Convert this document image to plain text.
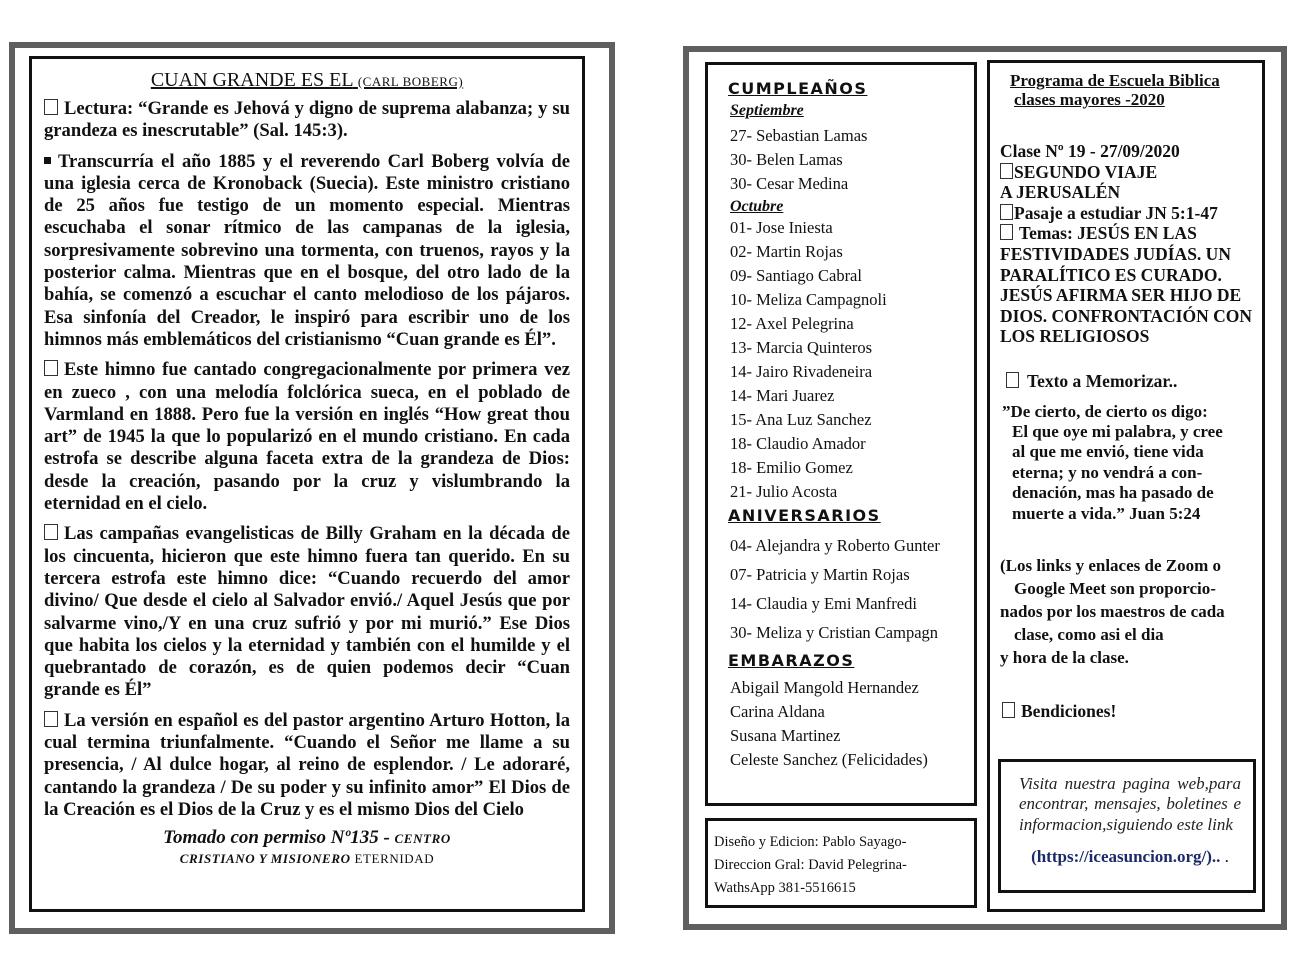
CUAN GRANDE ES EL (CARL BOBERG)

Lectura: “Grande es Jehová y digno de suprema alabanza; y su grandeza es inescrutable” (Sal. 145:3).

Transcurría el año 1885 y el reverendo Carl Boberg volvía de una iglesia cerca de Kronoback (Suecia). Este ministro cristiano de 25 años fue testigo de un momento especial. Mientras escuchaba el sonar rítmico de las campanas de la iglesia, sorpresivamente sobrevino una tormenta, con truenos, rayos y la posterior calma. Mientras que en el bosque, del otro lado de la bahía, se comenzó a escuchar el canto melodioso de los pájaros. Esa sinfonía del Creador, le inspiró para escribir uno de los himnos más emblemáticos del cristianismo “Cuan grande es Él”.

Este himno fue cantado congregacionalmente por primera vez en zueco , con una melodía folclórica sueca, en el poblado de Varmland en 1888. Pero fue la versión en inglés “How great thou art” de 1945 la que lo popularizó en el mundo cristiano. En cada estrofa se describe alguna faceta extra de la grandeza de Dios: desde la creación, pasando por la cruz y vislumbrando la eternidad en el cielo.

Las campañas evangelisticas de Billy Graham en la década de los cincuenta, hicieron que este himno fuera tan querido. En su tercera estrofa este himno dice: “Cuando recuerdo del amor divino/ Que desde el cielo al Salvador envió./ Aquel Jesús que por salvarme vino,/Y en una cruz sufrió y por mi murió.” Ese Dios que habita los cielos y la eternidad y también con el humilde y el quebrantado de corazón, es de quien podemos decir “Cuan grande es Él”

La versión en español es del pastor argentino Arturo Hotton, la cual termina triunfalmente. “Cuando el Señor me llame a su presencia, / Al dulce hogar, al reino de esplendor. / Le adoraré, cantando la grandeza / De su poder y su infinito amor” El Dios de la Creación es el Dios de la Cruz y es el mismo Dios del Cielo

Tomado con permiso Nº135 - CENTRO
CRISTIANO Y MISIONERO ETERNIDAD
CUMPLEAÑOS
Septiembre
27- Sebastian Lamas
30- Belen Lamas
30- Cesar Medina
Octubre
01- Jose Iniesta
02- Martin Rojas
09- Santiago Cabral
10- Meliza Campagnoli
12- Axel Pelegrina
13- Marcia Quinteros
14- Jairo Rivadeneira
14- Mari Juarez
15- Ana Luz Sanchez
18- Claudio Amador
18- Emilio Gomez
21- Julio Acosta
ANIVERSARIOS
04- Alejandra y Roberto Gunter
07- Patricia y Martin Rojas
14- Claudia y Emi Manfredi
30- Meliza y Cristian Campagn
EMBARAZOS
Abigail Mangold Hernandez
Carina Aldana
Susana Martinez
Celeste Sanchez (Felicidades)
Diseño y Edicion: Pablo Sayago-
Direccion Gral: David Pelegrina-
WathsApp 381-5516615
Programa de Escuela Biblica
clases mayores -2020

Clase Nº 19 - 27/09/2020

SEGUNDO VIAJE

A JERUSALÉN

Pasaje a estudiar JN 5:1-47

Temas: JESÚS EN LAS FESTIVIDADES JUDÍAS. UN PARALÍTICO ES CURADO. JESÚS AFIRMA SER HIJO DE DIOS. CONFRONTACIÓN CON LOS RELIGIOSOS

Texto a Memorizar..

”De cierto, de cierto os digo:
El que oye mi palabra, y cree
al que me envió, tiene vida
eterna; y no vendrá a con-
denación, mas ha pasado de
muerte a vida.” Juan 5:24
(Los links y enlaces de Zoom o
Google Meet son proporcio-
nados por los maestros de cada
clase, como asi el dia
y hora de la clase.

Bendiciones!

Visita nuestra pagina web,para encontrar, mensajes, boletines e informacion,siguiendo este link

(https://iceasuncion.org/).. .
